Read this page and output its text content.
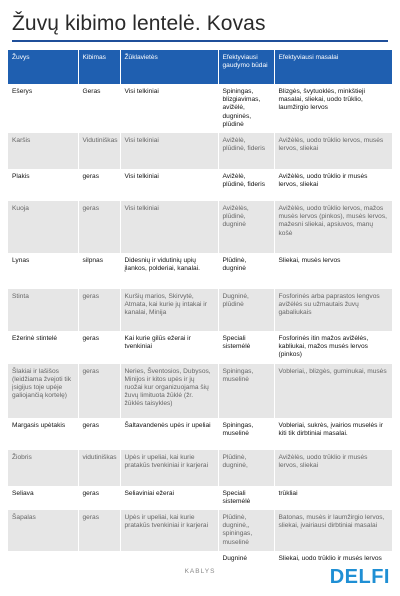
Žuvų kibimo lentelė. Kovas
Žuvys	Kibimas	Žūklavietės	Efektyviausi gaudymo būdai	Efektyviausi masalai
Ešerys	Geras	Visi telkiniai	Spiningas, blizgiavimas, avižėlė, dugninės, plūdinė	Blizgės, švytuoklės, minkštieji masalai, sliekai, uodo trūklio, laumžirgio lervos
Karšis	Vidutiniškas	Visi telkiniai	Avižėlė, plūdinė, fideris	Avižėlės, uodo trūklio lervos, musės lervos, sliekai
Plakis	geras	Visi telkiniai	Avižėlė, plūdinė, fideris	Avižėlės, uodo trūklio ir musės lervos, sliekai
Kuoja	geras	Visi telkiniai	Avižėlės, plūdinė, dugninė	Avižėlės, uodo trūklio lervos, mažos musės lervos (pinkos), musės lervos, mažesni sliekai, apsiuvos, manų košė
Lynas	silpnas	Didesnių ir vidutinių upių įlankos, polderiai, kanalai.	Plūdinė, dugninė	Sliekai, musės lervos
Stinta	geras	Kuršių marios, Skirvytė, Atmata, kai kurie jų intakai ir kanalai, Minija	Dugninė, plūdinė	Fosforinės arba paprastos lengvos avižėlės su užmautais žuvų gabaliukais
Ežerinė stintelė	geras	Kai kurie gilūs ežerai ir tvenkiniai	Speciali sistemėlė	Fosforinės itin mažos avižėlės, kabliukai, mažos musės lervos (pinkos)
Šlakiai ir lašišos (leidžiama žvejoti tik įsigijus toje upėje galiojančią kortelę)	geras	Neries, Šventosios, Dubysos, Minijos ir kitos upės ir jų ruožai kur organizuojama šių žuvų limituota žūklė (žr. žūklės taisykles)	Spiningas, muselinė	Vobleriai,, blizgės, guminukai, musės
Margasis upėtakis	geras	Šaltavandenės upės ir upeliai	Spiningas, muselinė	Vobleriai, sukrės, įvairios muselės ir kiti tik dirbtiniai masalai.
Žiobris	vidutiniškas	Upės ir upeliai, kai kurie pratakūs tvenkiniai ir karjerai	Plūdinė, dugninė,	Avižėlės, uodo trūklio ir musės lervos, sliekai
Seliava	geras	Seliaviniai ežerai	Speciali sistemėlė	trūkliai
Šapalas	geras	Upės ir upeliai, kai kurie pratakūs tvenkiniai ir karjerai	Plūdinė, dugninė,, spiningas, muselinė	Batonas, musės ir laumžirgio lervos, sliekai, įvairiausi dirbtiniai masalai
			Dugninė	Sliekai, uodo trūklio ir musės lervos
KABLYS	DELFI
